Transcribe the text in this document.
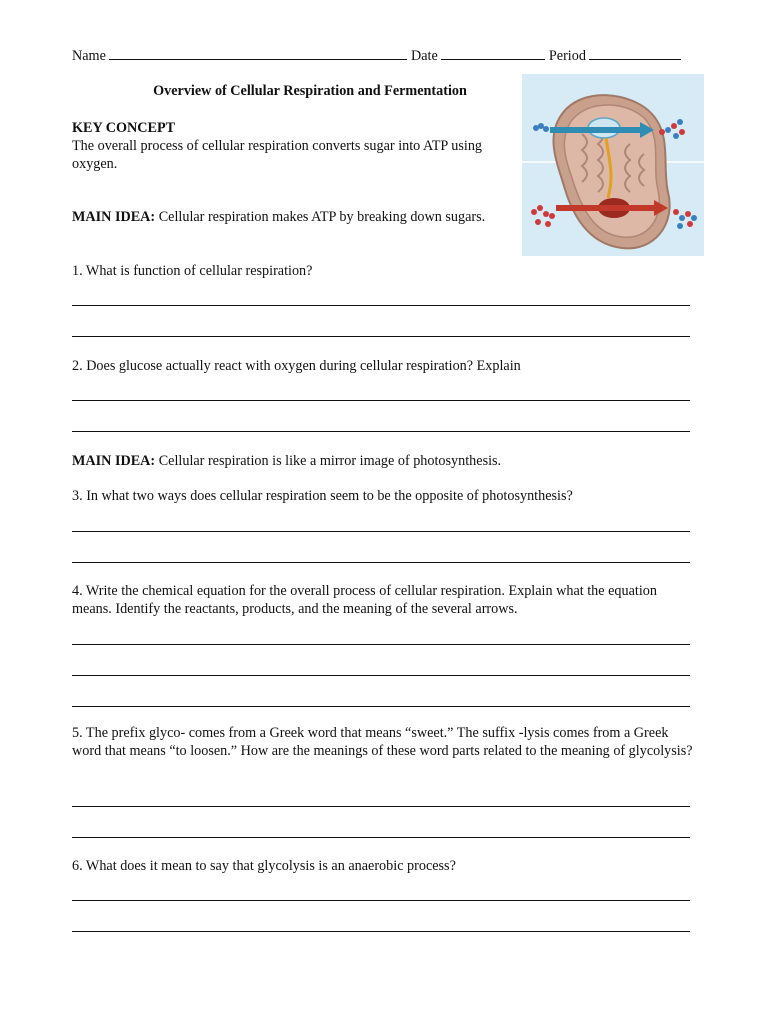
Name	Date	Period
Overview of Cellular Respiration and Fermentation
KEY CONCEPT
The overall process of cellular respiration converts sugar into ATP using oxygen.
MAIN IDEA: Cellular respiration makes ATP by breaking down sugars.
1. What is function of cellular respiration?
2. Does glucose actually react with oxygen during cellular respiration? Explain
MAIN IDEA: Cellular respiration is like a mirror image of photosynthesis.
3. In what two ways does cellular respiration seem to be the opposite of photosynthesis?
4. Write the chemical equation for the overall process of cellular respiration. Explain what the equation means. Identify the reactants, products, and the meaning of the several arrows.
5. The prefix glyco- comes from a Greek word that means “sweet.” The suffix -lysis comes from a Greek word that means “to loosen.” How are the meanings of these word parts related to the meaning of glycolysis?
6. What does it mean to say that glycolysis is an anaerobic process?
